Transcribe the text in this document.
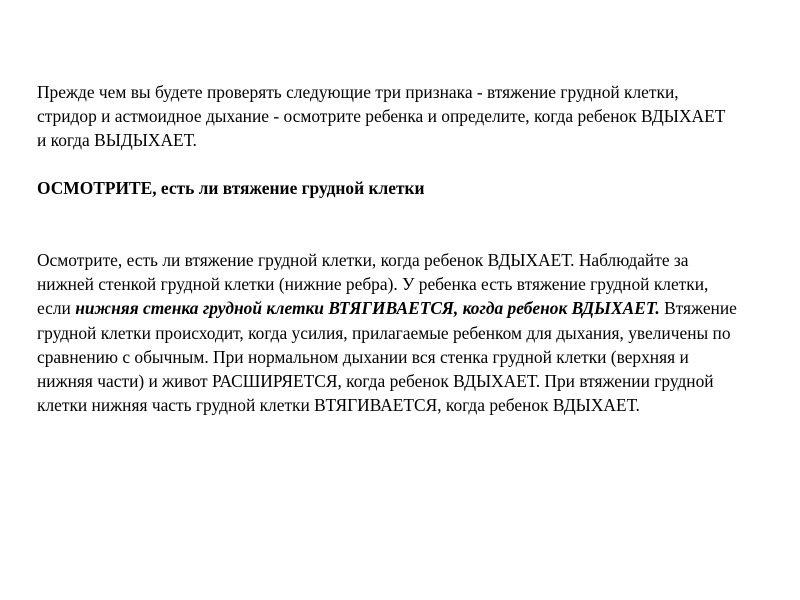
Прежде чем вы будете проверять следующие три признака - втяжение грудной клетки, стридор и астмоидное дыхание - осмотрите ребенка и определите, когда ребенок ВДЫХАЕТ и когда ВЫДЫХАЕТ.

ОСМОТРИТЕ, есть ли втяжение грудной клетки

Осмотрите, есть ли втяжение грудной клетки, когда ребенок ВДЫХАЕТ. Наблюдайте за нижней стенкой грудной клетки (нижние ребра). У ребенка есть втяжение грудной клетки, если нижняя стенка грудной клетки ВТЯГИВАЕТСЯ, когда ребенок ВДЫХАЕТ. Втяжение грудной клетки происходит, когда усилия, прилагаемые ребенком для дыхания, увеличены по сравнению с обычным. При нормальном дыхании вся стенка грудной клетки (верхняя и нижняя части) и живот РАСШИРЯЕТСЯ, когда ребенок ВДЫХАЕТ. При втяжении грудной клетки нижняя часть грудной клетки ВТЯГИВАЕТСЯ, когда ребенок ВДЫХАЕТ.
